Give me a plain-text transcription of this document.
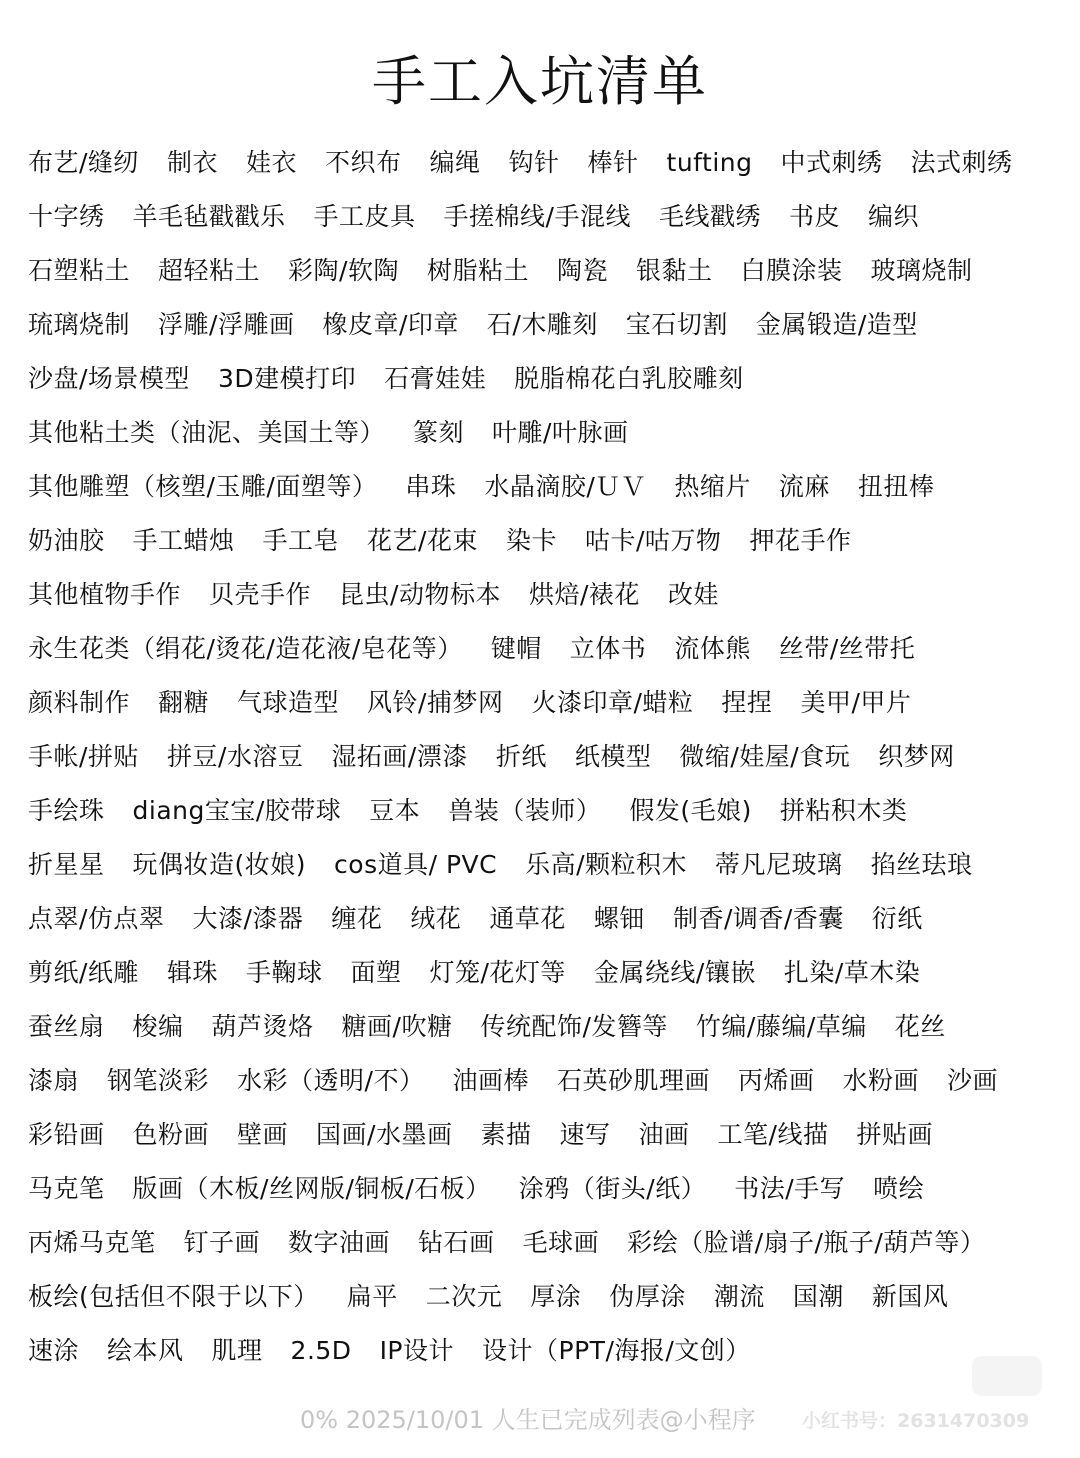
手工入坑清单
布艺/缝纫 制衣 娃衣 不织布 编绳 钩针 棒针 tufting 中式刺绣 法式刺绣
十字绣 羊毛毡戳戳乐 手工皮具 手搓棉线/手混线 毛线戳绣 书皮 编织
石塑粘土 超轻粘土 彩陶/软陶 树脂粘土 陶瓷 银黏土 白膜涂装 玻璃烧制
琉璃烧制 浮雕/浮雕画 橡皮章/印章 石/木雕刻 宝石切割 金属锻造/造型
沙盘/场景模型 3D建模打印 石膏娃娃 脱脂棉花白乳胶雕刻
其他粘土类（油泥、美国土等） 篆刻 叶雕/叶脉画
其他雕塑（核塑/玉雕/面塑等） 串珠 水晶滴胶/ＵＶ 热缩片 流麻 扭扭棒
奶油胶 手工蜡烛 手工皂 花艺/花束 染卡 咕卡/咕万物 押花手作
其他植物手作 贝壳手作 昆虫/动物标本 烘焙/裱花 改娃
永生花类（绢花/烫花/造花液/皂花等） 键帽 立体书 流体熊 丝带/丝带托
颜料制作 翻糖 气球造型 风铃/捕梦网 火漆印章/蜡粒 捏捏 美甲/甲片
手帐/拼贴 拼豆/水溶豆 湿拓画/漂漆 折纸 纸模型 微缩/娃屋/食玩 织梦网
手绘珠 diang宝宝/胶带球 豆本 兽装（装师） 假发(毛娘) 拼粘积木类
折星星 玩偶妆造(妆娘) cos道具/ PVC 乐高/颗粒积木 蒂凡尼玻璃 掐丝珐琅
点翠/仿点翠 大漆/漆器 缠花 绒花 通草花 螺钿 制香/调香/香囊 衍纸
剪纸/纸雕 辑珠 手鞠球 面塑 灯笼/花灯等 金属绕线/镶嵌 扎染/草木染
蚕丝扇 梭编 葫芦烫烙 糖画/吹糖 传统配饰/发簪等 竹编/藤编/草编 花丝
漆扇 钢笔淡彩 水彩（透明/不） 油画棒 石英砂肌理画 丙烯画 水粉画 沙画
彩铅画 色粉画 壁画 国画/水墨画 素描 速写 油画 工笔/线描 拼贴画
马克笔 版画（木板/丝网版/铜板/石板） 涂鸦（街头/纸） 书法/手写 喷绘
丙烯马克笔 钉子画 数字油画 钻石画 毛球画 彩绘（脸谱/扇子/瓶子/葫芦等）
板绘(包括但不限于以下） 扁平 二次元 厚涂 伪厚涂 潮流 国潮 新国风
速涂 绘本风 肌理 2.5D IP设计 设计（PPT/海报/文创）
0% 2025/10/01 人生已完成列表@小程序 小红书号：2631470309
